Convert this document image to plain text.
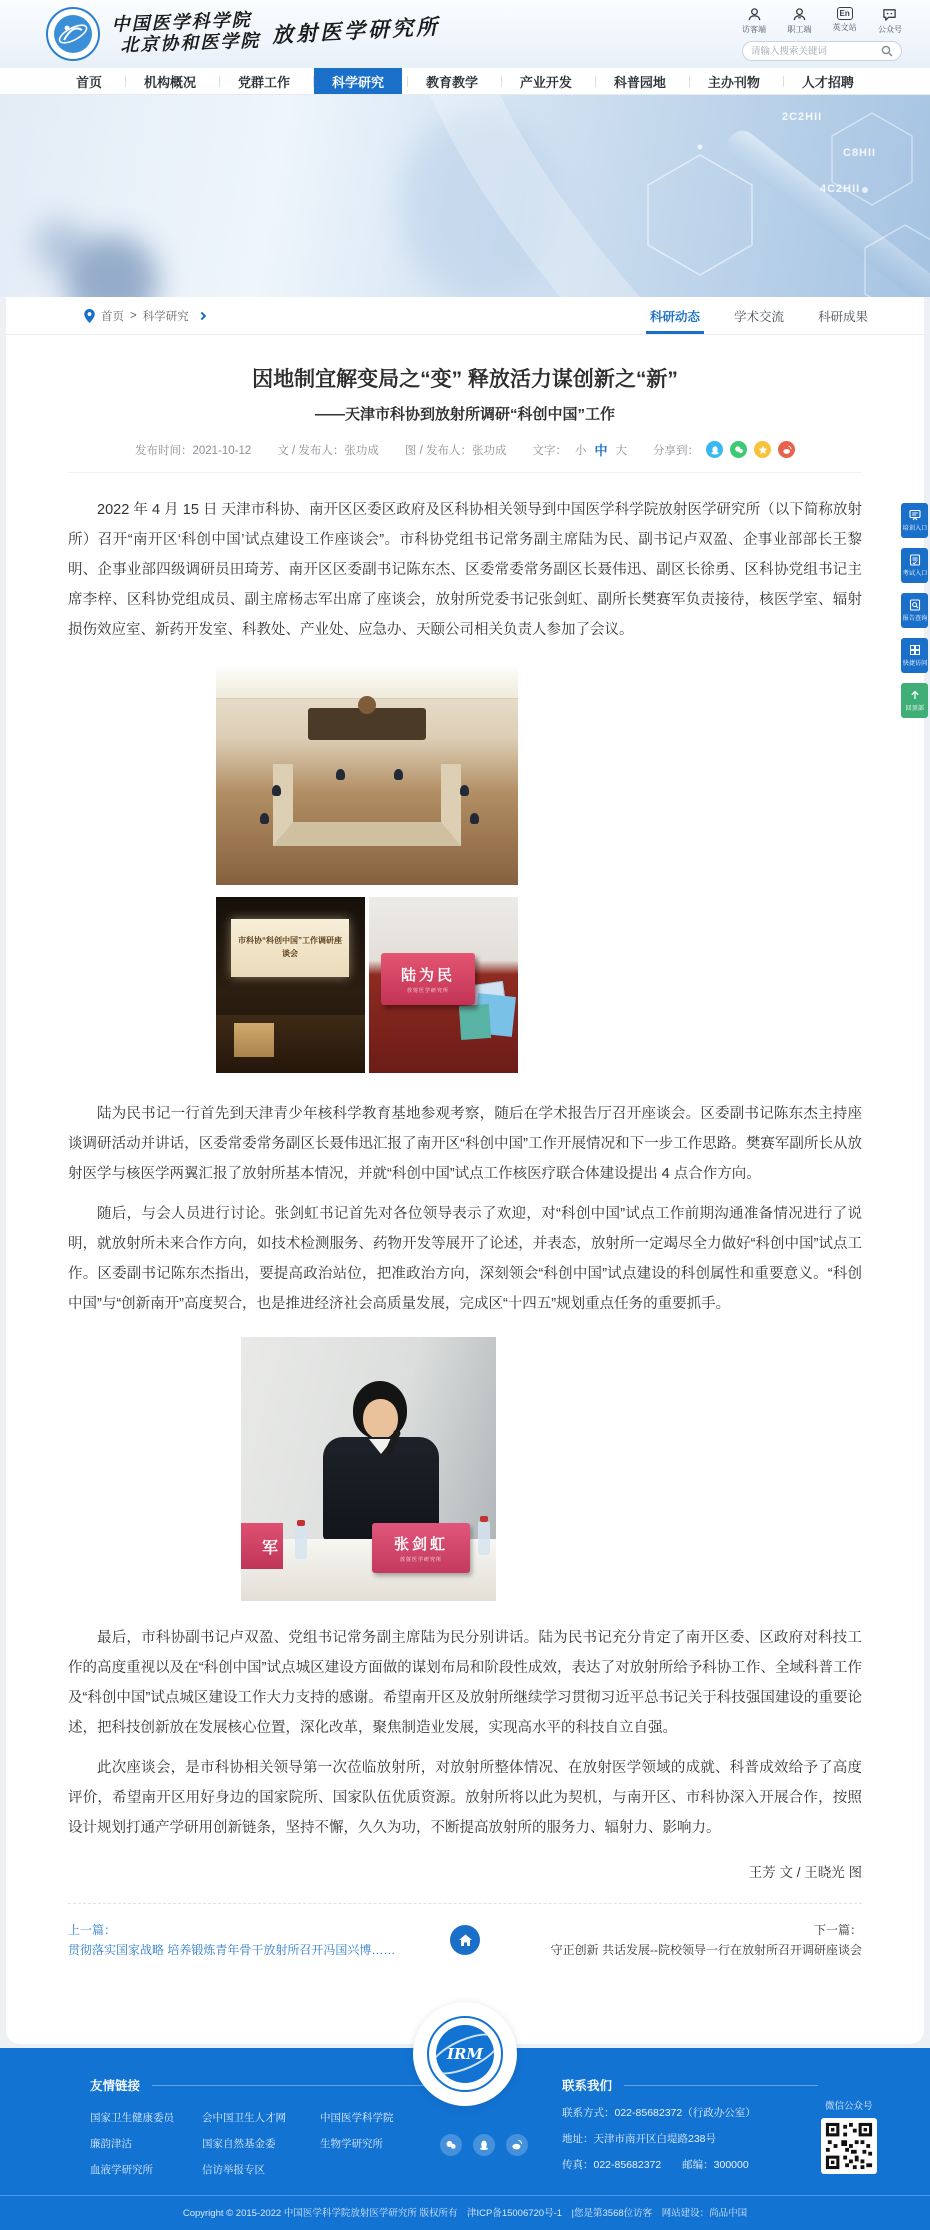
中国医学科学院
北京协和医学院 放射医学研究所	访客端	职工端
En
英文站	公众号
请输入搜索关键词
首页	机构概况	党群工作	科学研究	教育教学	产业开发	科普园地	主办刊物	人才招聘
2C2HII
C8HII
4C2HII
首页 > 科学研究	科研动态	学术交流	科研成果
因地制宜解变局之“变” 释放活力谋创新之“新”
——天津市科协到放射所调研“科创中国”工作
发布时间：2021-10-12 文 / 发布人：张功成 图 / 发布人：张功成 文字： 小 中 大 分享到：

2022 年 4 月 15 日 天津市科协、南开区区委区政府及区科协相关领导到中国医学科学院放射医学研究所（以下简称放射所）召开“南开区‘科创中国’试点建设工作座谈会”。市科协党组书记常务副主席陆为民、副书记卢双盈、企事业部部长王黎明、企事业部四级调研员田琦芳、南开区区委副书记陈东杰、区委常委常务副区长聂伟迅、副区长徐勇、区科协党组书记主席李梓、区科协党组成员、副主席杨志军出席了座谈会，放射所党委书记张剑虹、副所长樊赛军负责接待，核医学室、辐射损伤效应室、新药开发室、科教处、产业处、应急办、天颐公司相关负责人参加了会议。

市科协“科创中国”工作调研座谈会
陆为民
放射医学研究所

陆为民书记一行首先到天津青少年核科学教育基地参观考察，随后在学术报告厅召开座谈会。区委副书记陈东杰主持座谈调研活动并讲话，区委常委常务副区长聂伟迅汇报了南开区“科创中国”工作开展情况和下一步工作思路。樊赛军副所长从放射医学与核医学两翼汇报了放射所基本情况，并就“科创中国”试点工作核医疗联合体建设提出 4 点合作方向。

随后，与会人员进行讨论。张剑虹书记首先对各位领导表示了欢迎，对“科创中国”试点工作前期沟通准备情况进行了说明，就放射所未来合作方向，如技术检测服务、药物开发等展开了论述，并表态，放射所一定竭尽全力做好“科创中国”试点工作。区委副书记陈东杰指出，要提高政治站位，把准政治方向，深刻领会“科创中国”试点建设的科创属性和重要意义。“科创中国”与“创新南开”高度契合，也是推进经济社会高质量发展，完成区“十四五”规划重点任务的重要抓手。

军	张剑虹
放射医学研究所

最后，市科协副书记卢双盈、党组书记常务副主席陆为民分别讲话。陆为民书记充分肯定了南开区委、区政府对科技工作的高度重视以及在“科创中国”试点城区建设方面做的谋划布局和阶段性成效，表达了对放射所给予科协工作、全域科普工作及“科创中国”试点城区建设工作大力支持的感谢。希望南开区及放射所继续学习贯彻习近平总书记关于科技强国建设的重要论述，把科技创新放在发展核心位置，深化改革，聚焦制造业发展，实现高水平的科技自立自强。

此次座谈会，是市科协相关领导第一次莅临放射所，对放射所整体情况、在放射医学领域的成就、科普成效给予了高度评价，希望南开区用好身边的国家院所、国家队伍优质资源。放射所将以此为契机，与南开区、市科协深入开展合作，按照设计规划打通产学研用创新链条，坚持不懈，久久为功，不断提高放射所的服务力、辐射力、影响力。

王芳 文 / 王晓光 图
上一篇：
贯彻落实国家战略 培养锻炼青年骨干放射所召开冯国兴博……
下一篇：
守正创新 共话发展--院校领导一行在放射所召开调研座谈会
培训入口
考试入口
报告查询
快捷访问
回顶部
IRM
友情链接
国家卫生健康委员	会中国卫生人才网	中国医学科学院
廉韵津沽	国家自然基金委	生物学研究所
血液学研究所	信访举报专区
联系我们
联系方式：022-85682372（行政办公室）
地址：天津市南开区白堤路238号
传真：022-85682372 邮编：300000
微信公众号
Copyright © 2015-2022 中国医学科学院放射医学研究所 版权所有　津ICP备15006720号-1　|您是第3568位访客　网站建设：尚品中国
